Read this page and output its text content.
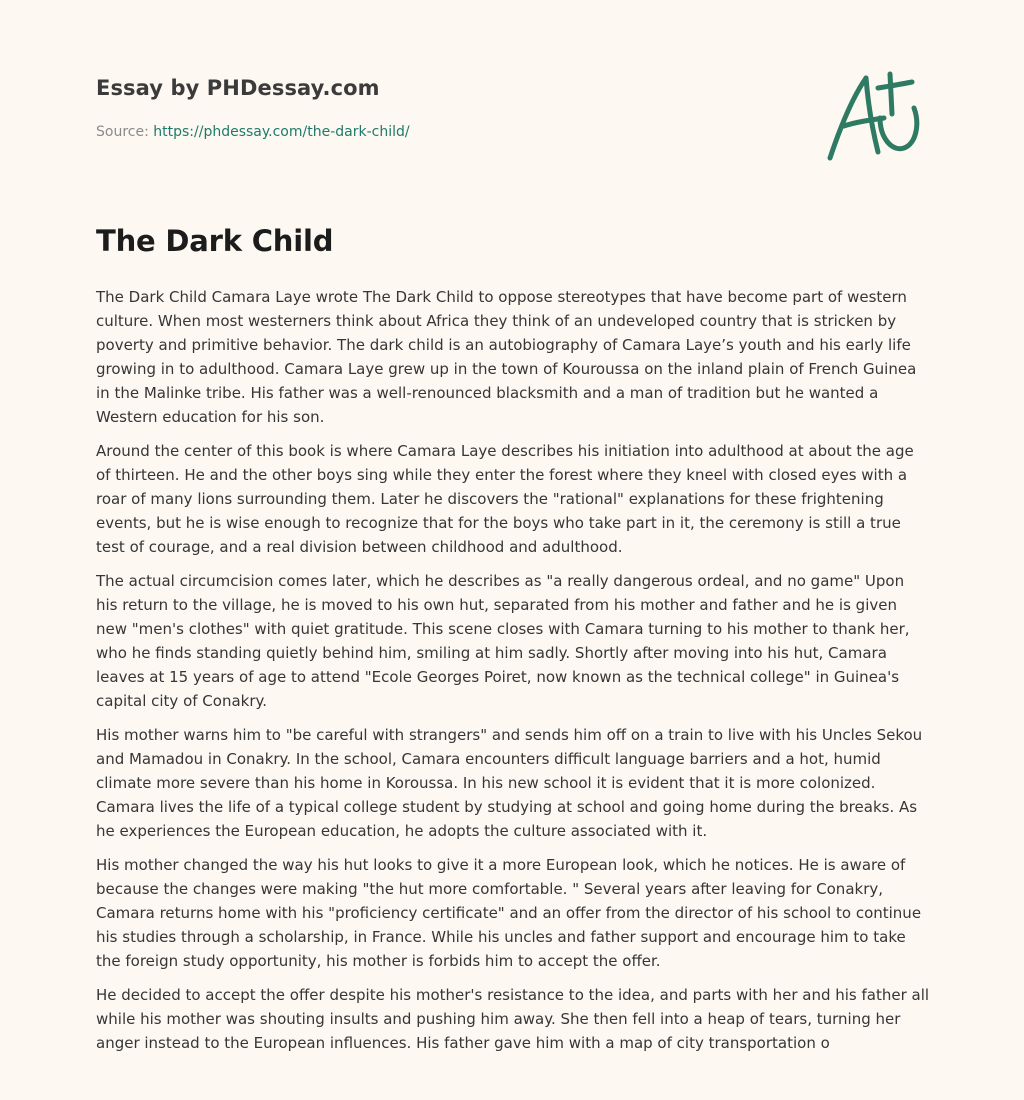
Essay by PHDessay.com
Source: https://phdessay.com/the-dark-child/
The Dark Child

The Dark Child Camara Laye wrote The Dark Child to oppose stereotypes that have become part of western culture. When most westerners think about Africa they think of an undeveloped country that is stricken by poverty and primitive behavior. The dark child is an autobiography of Camara Laye’s youth and his early life growing in to adulthood. Camara Laye grew up in the town of Kouroussa on the inland plain of French Guinea in the Malinke tribe. His father was a well-renounced blacksmith and a man of tradition but he wanted a Western education for his son.

Around the center of this book is where Camara Laye describes his initiation into adulthood at about the age of thirteen. He and the other boys sing while they enter the forest where they kneel with closed eyes with a roar of many lions surrounding them. Later he discovers the "rational" explanations for these frightening events, but he is wise enough to recognize that for the boys who take part in it, the ceremony is still a true test of courage, and a real division between childhood and adulthood.

The actual circumcision comes later, which he describes as "a really dangerous ordeal, and no game" Upon his return to the village, he is moved to his own hut, separated from his mother and father and he is given new "men's clothes" with quiet gratitude. This scene closes with Camara turning to his mother to thank her, who he finds standing quietly behind him, smiling at him sadly. Shortly after moving into his hut, Camara leaves at 15 years of age to attend "Ecole Georges Poiret, now known as the technical college" in Guinea's capital city of Conakry.

His mother warns him to "be careful with strangers" and sends him off on a train to live with his Uncles Sekou and Mamadou in Conakry. In the school, Camara encounters difficult language barriers and a hot, humid climate more severe than his home in Koroussa. In his new school it is evident that it is more colonized. Camara lives the life of a typical college student by studying at school and going home during the breaks. As he experiences the European education, he adopts the culture associated with it.

His mother changed the way his hut looks to give it a more European look, which he notices. He is aware of because the changes were making "the hut more comfortable. " Several years after leaving for Conakry, Camara returns home with his "proficiency certificate" and an offer from the director of his school to continue his studies through a scholarship, in France. While his uncles and father support and encourage him to take the foreign study opportunity, his mother is forbids him to accept the offer.

He decided to accept the offer despite his mother's resistance to the idea, and parts with her and his father all while his mother was shouting insults and pushing him away. She then fell into a heap of tears, turning her anger instead to the European influences. His father gave him with a map of city transportation o
